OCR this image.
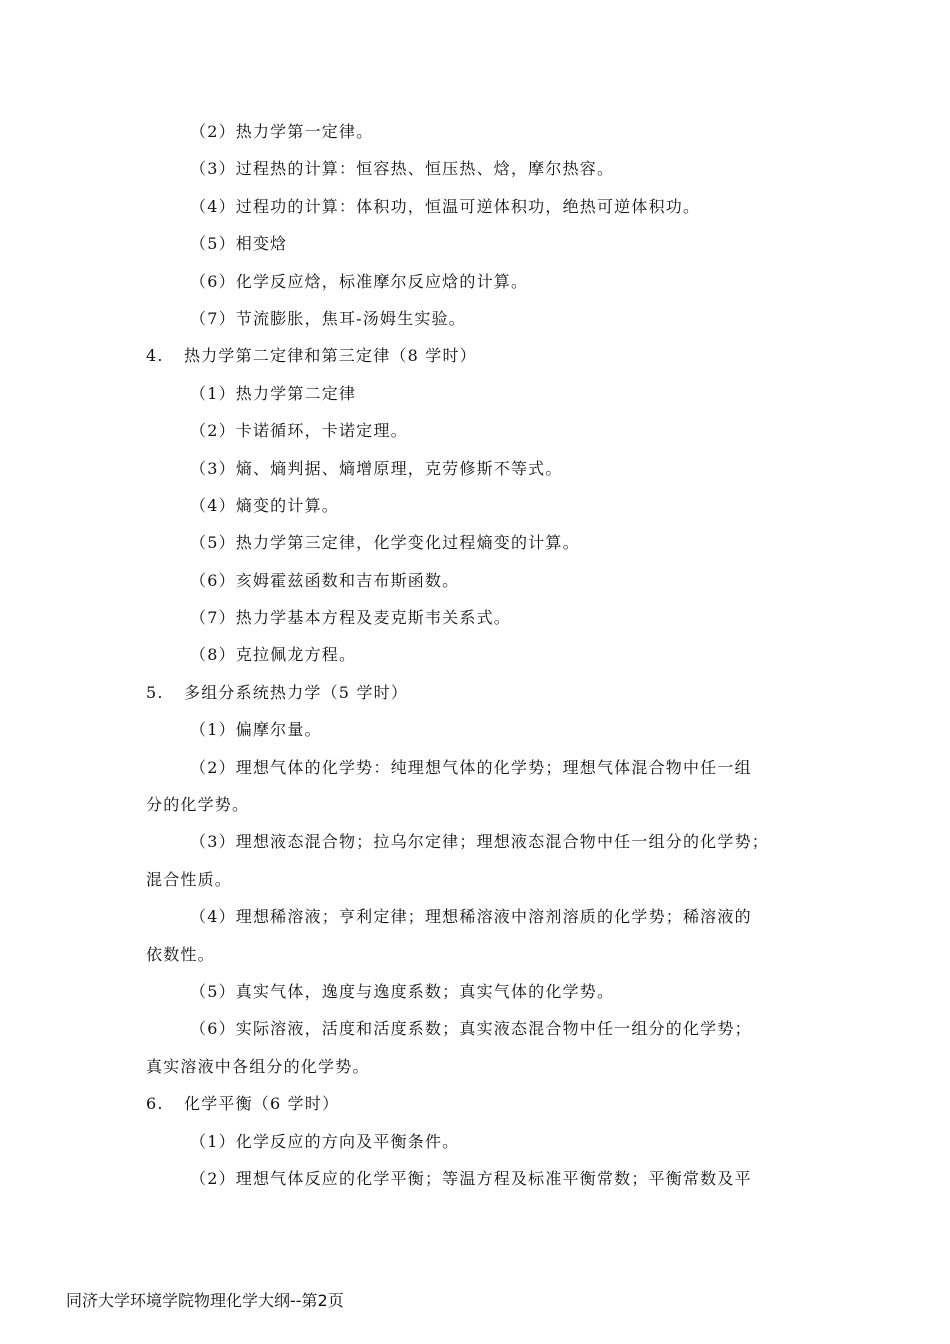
（2）热力学第一定律。
（3）过程热的计算：恒容热、恒压热、焓，摩尔热容。
（4）过程功的计算：体积功，恒温可逆体积功，绝热可逆体积功。
（5）相变焓
（6）化学反应焓，标准摩尔反应焓的计算。
（7）节流膨胀，焦耳-汤姆生实验。
4. 热力学第二定律和第三定律（8 学时）
（1）热力学第二定律
（2）卡诺循环，卡诺定理。
（3）熵、熵判据、熵增原理，克劳修斯不等式。
（4）熵变的计算。
（5）热力学第三定律，化学变化过程熵变的计算。
（6）亥姆霍兹函数和吉布斯函数。
（7）热力学基本方程及麦克斯韦关系式。
（8）克拉佩龙方程。
5. 多组分系统热力学（5 学时）
（1）偏摩尔量。
（2）理想气体的化学势：纯理想气体的化学势；理想气体混合物中任一组
分的化学势。
（3）理想液态混合物；拉乌尔定律；理想液态混合物中任一组分的化学势；
混合性质。
（4）理想稀溶液；亨利定律；理想稀溶液中溶剂溶质的化学势；稀溶液的
依数性。
（5）真实气体，逸度与逸度系数；真实气体的化学势。
（6）实际溶液，活度和活度系数；真实液态混合物中任一组分的化学势；
真实溶液中各组分的化学势。
6. 化学平衡（6 学时）
（1）化学反应的方向及平衡条件。
（2）理想气体反应的化学平衡；等温方程及标准平衡常数；平衡常数及平
同济大学环境学院物理化学大纲--第2页
